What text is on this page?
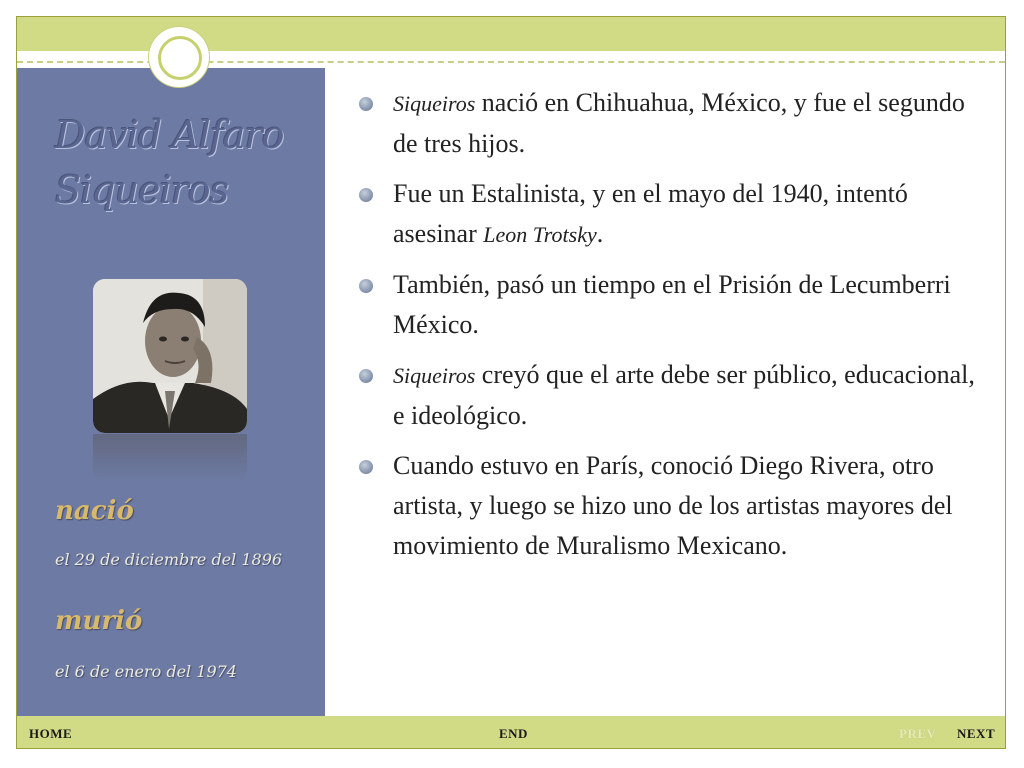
David Alfaro
Siqueiros
nació
el 29 de diciembre del 1896
murió
el 6 de enero del 1974
Siqueiros nació en Chihuahua, México, y fue el segundo de tres hijos.
Fue un Estalinista, y en el mayo del 1940, intentó asesinar Leon Trotsky.
También, pasó un tiempo en el Prisión de Lecumberri México.
Siqueiros creyó que el arte debe ser público, educacional, e ideológico.
Cuando estuvo en París, conoció Diego Rivera, otro artista, y luego se hizo uno de los artistas mayores del movimiento de Muralismo Mexicano.
HOME	END	PREV NEXT
